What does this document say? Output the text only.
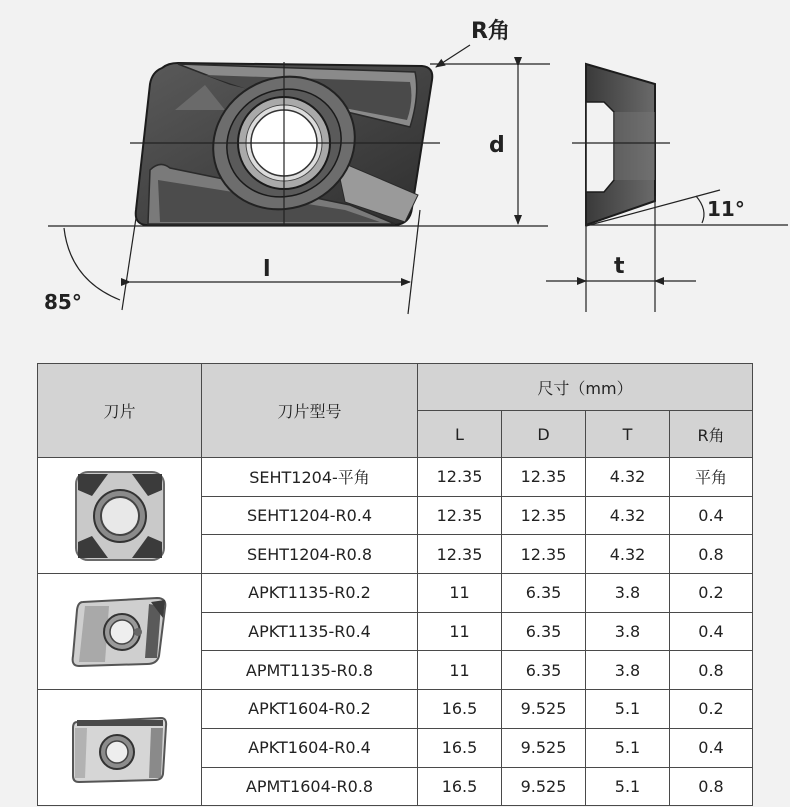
R角
d
l
85°
t
11°
刀片	刀片型号	尺寸（mm）			
		L	D	T	R角

	SEHT1204-平角	12.35	12.35	4.32	平角
	SEHT1204-R0.4	12.35	12.35	4.32	0.4
	SEHT1204-R0.8	12.35	12.35	4.32	0.8

	APKT1135-R0.2	11	6.35	3.8	0.2
	APKT1135-R0.4	11	6.35	3.8	0.4
	APMT1135-R0.8	11	6.35	3.8	0.8

	APKT1604-R0.2	16.5	9.525	5.1	0.2
	APKT1604-R0.4	16.5	9.525	5.1	0.4
	APMT1604-R0.8	16.5	9.525	5.1	0.8
